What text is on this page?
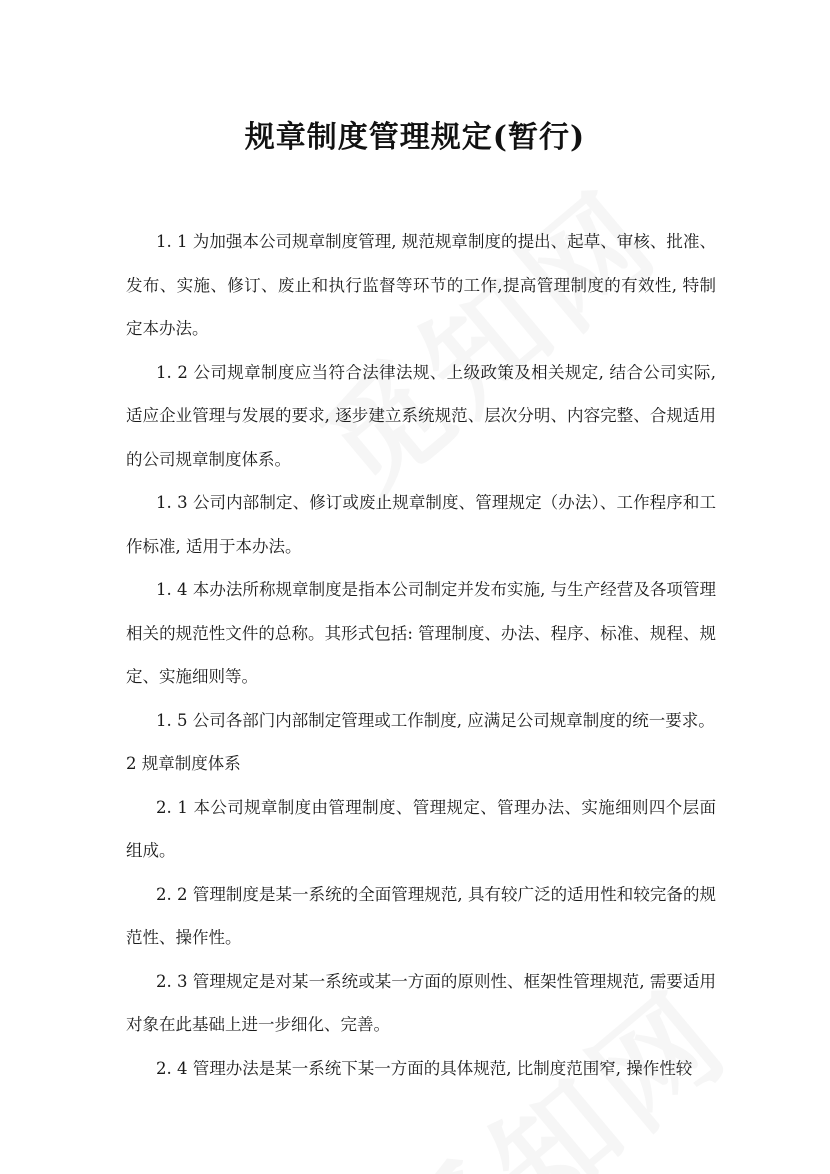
规章制度管理规定(暂行)

1. 1 为加强本公司规章制度管理, 规范规章制度的提出、起草、审核、批准、发布、实施、修订、废止和执行监督等环节的工作,提高管理制度的有效性, 特制定本办法。

1. 2 公司规章制度应当符合法律法规、上级政策及相关规定, 结合公司实际, 适应企业管理与发展的要求, 逐步建立系统规范、层次分明、内容完整、合规适用的公司规章制度体系。

1. 3 公司内部制定、修订或废止规章制度、管理规定（办法）、工作程序和工作标准, 适用于本办法。

1. 4 本办法所称规章制度是指本公司制定并发布实施, 与生产经营及各项管理相关的规范性文件的总称。其形式包括: 管理制度、办法、程序、标准、规程、规定、实施细则等。

1. 5 公司各部门内部制定管理或工作制度, 应满足公司规章制度的统一要求。

2 规章制度体系

2. 1 本公司规章制度由管理制度、管理规定、管理办法、实施细则四个层面组成。

2. 2 管理制度是某一系统的全面管理规范, 具有较广泛的适用性和较完备的规范性、操作性。

2. 3 管理规定是对某一系统或某一方面的原则性、框架性管理规范, 需要适用对象在此基础上进一步细化、完善。

2. 4 管理办法是某一系统下某一方面的具体规范, 比制度范围窄, 操作性较
